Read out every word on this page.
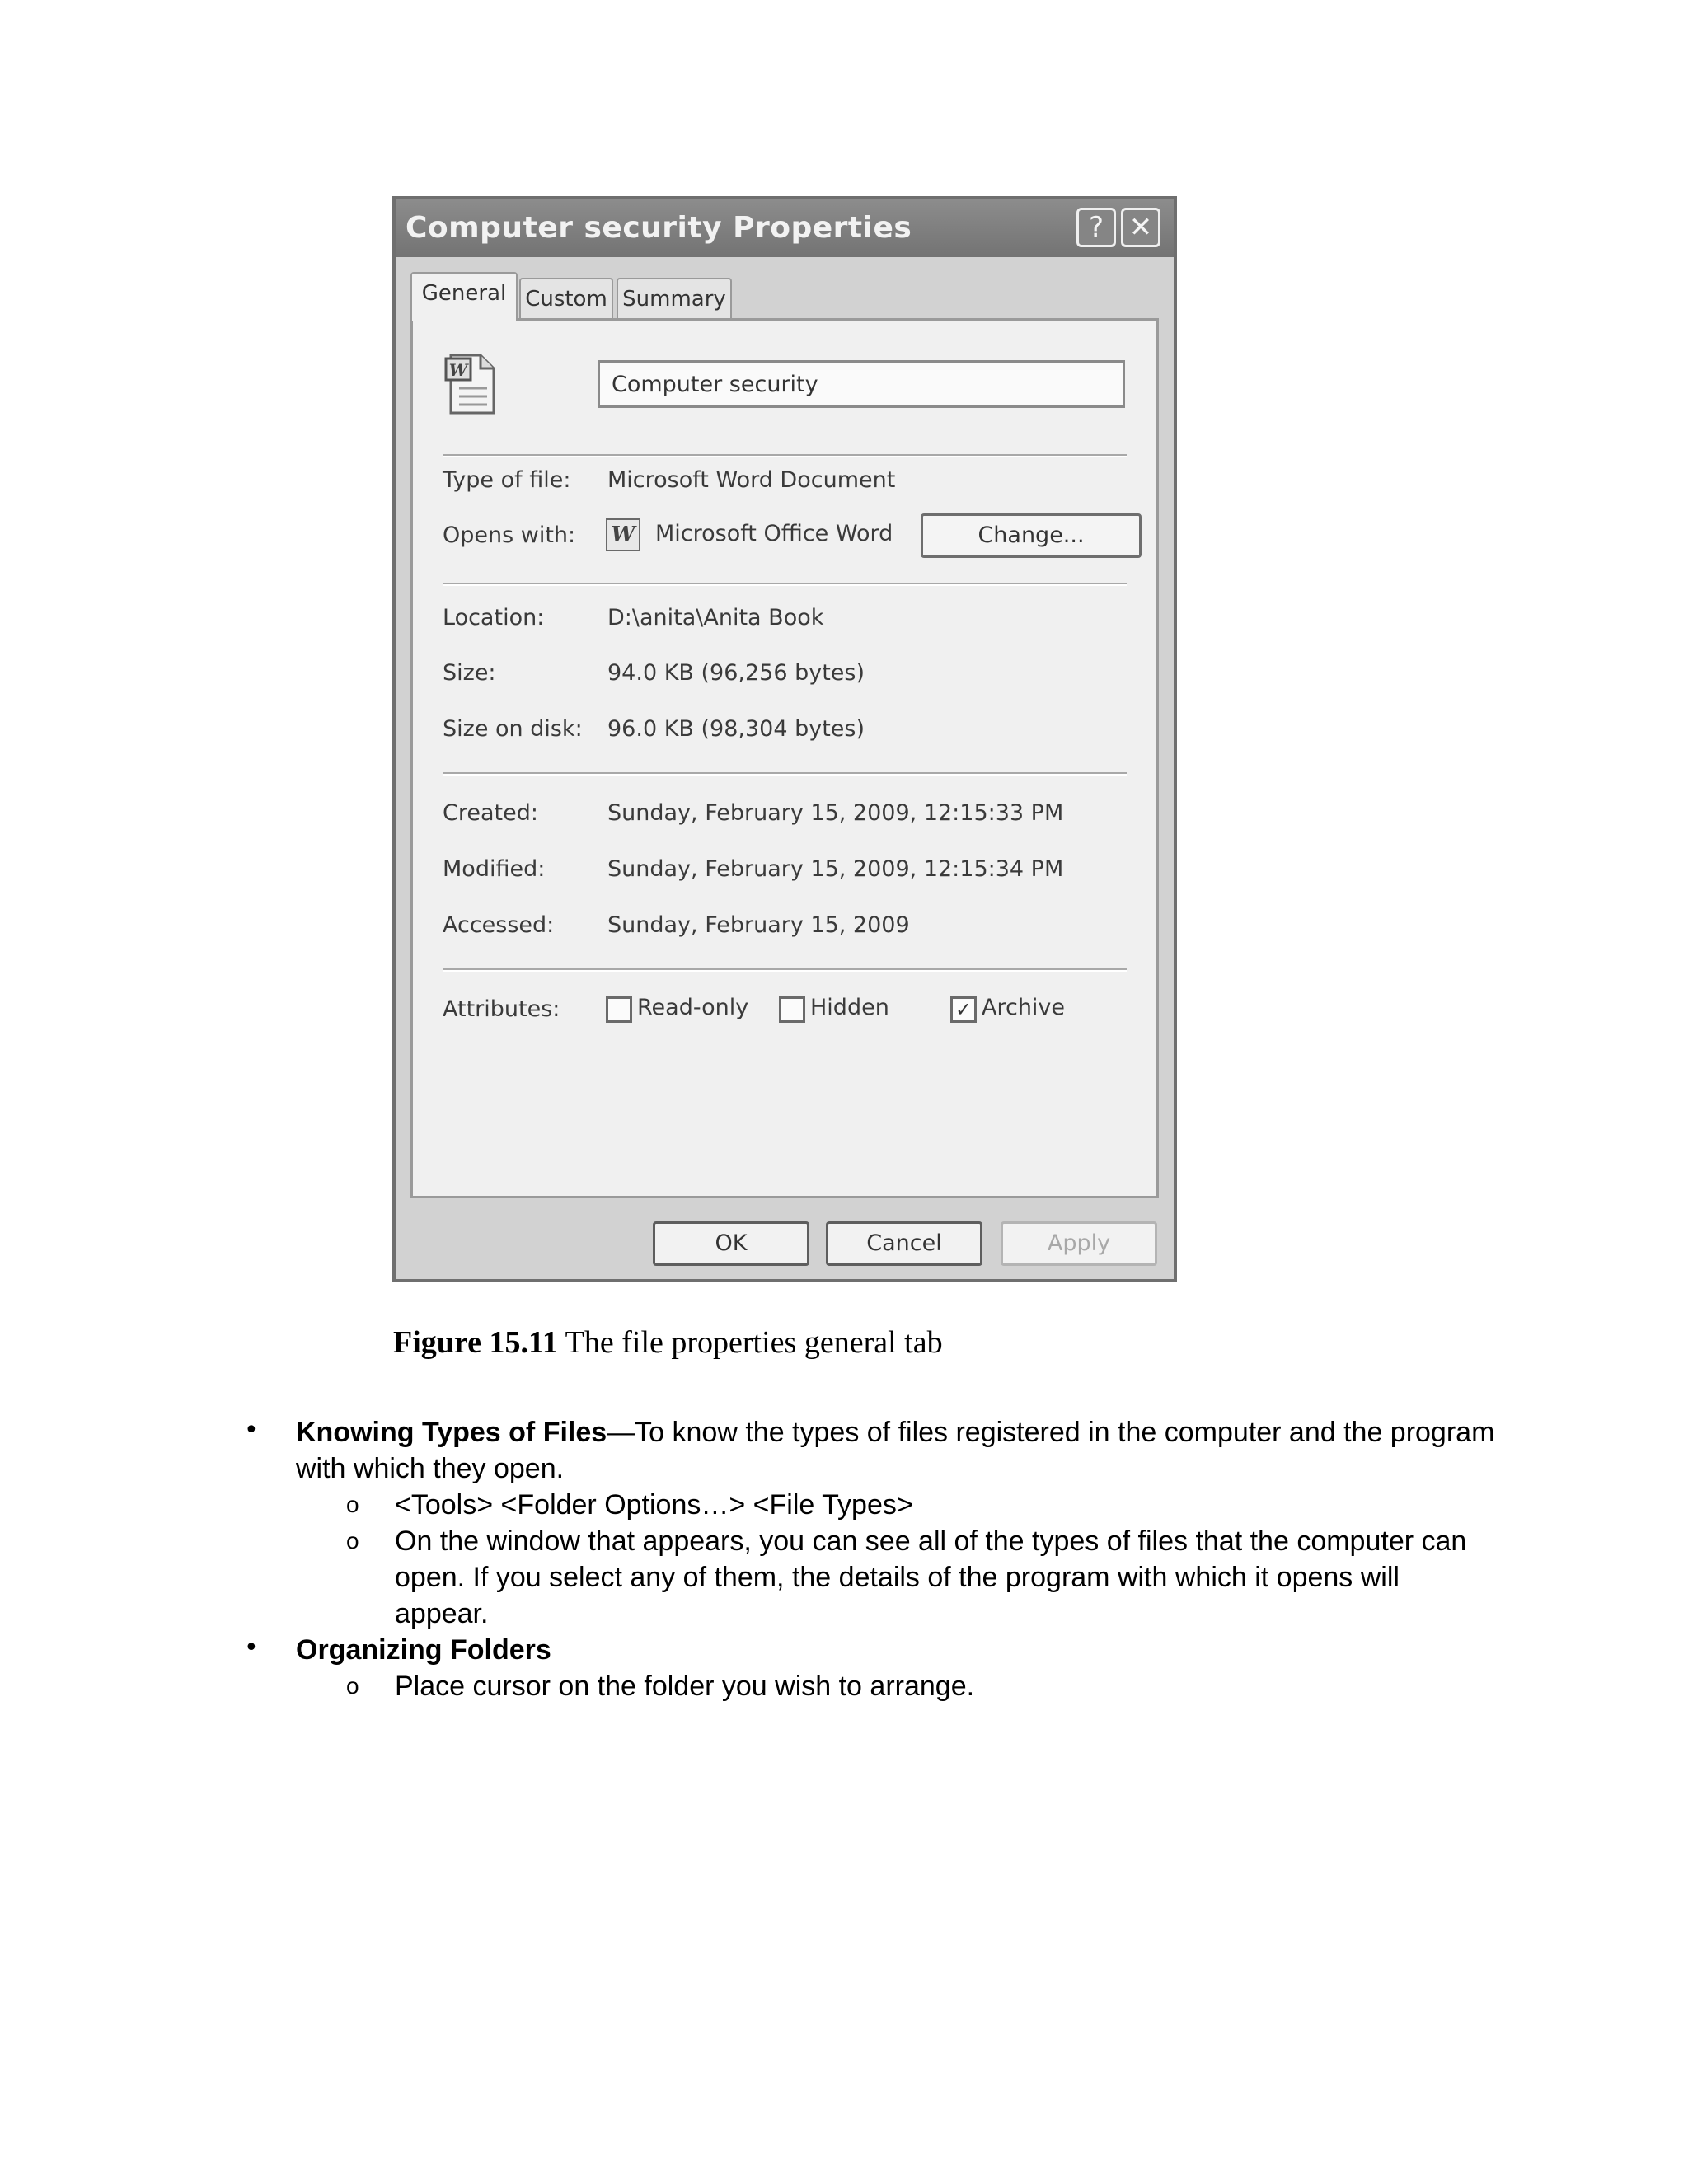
Computer security Properties	? ✕
General Custom Summary
W
Computer security
Type of file: Microsoft Word Document
Opens with: W Microsoft Office Word	Change...
Location:	D:\anita\Anita Book
Size:	94.0 KB (96,256 bytes)
Size on disk: 96.0 KB (98,304 bytes)
Created:	Sunday, February 15, 2009, 12:15:33 PM
Modified:	Sunday, February 15, 2009, 12:15:34 PM
Accessed: Sunday, February 15, 2009
Attributes:	Read-only	Hidden	✓ Archive
OK	Cancel	Apply
Figure 15.11 The file properties general tab
• Knowing Types of Files—To know the types of files registered in the computer and the program
with which they open.
o <Tools> <Folder Options…> <File Types>
o On the window that appears, you can see all of the types of files that the computer can
open. If you select any of them, the details of the program with which it opens will
appear.
• Organizing Folders
o Place cursor on the folder you wish to arrange.
